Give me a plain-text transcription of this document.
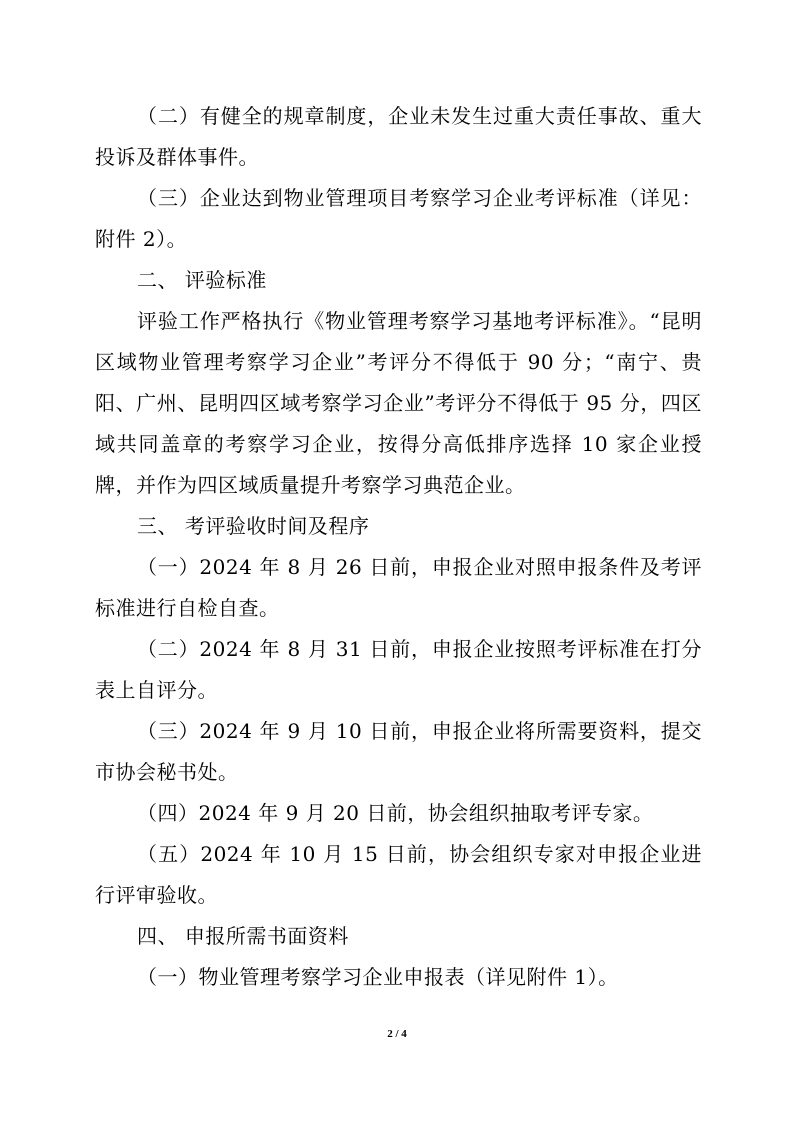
（二）有健全的规章制度，企业未发生过重大责任事故、重大投诉及群体事件。

（三）企业达到物业管理项目考察学习企业考评标准（详见：附件 2）。

二、 评验标准

评验工作严格执行《物业管理考察学习基地考评标准》。“昆明区域物业管理考察学习企业”考评分不得低于 90 分；“南宁、贵阳、广州、昆明四区域考察学习企业”考评分不得低于 95 分，四区域共同盖章的考察学习企业，按得分高低排序选择 10 家企业授牌，并作为四区域质量提升考察学习典范企业。

三、 考评验收时间及程序

（一）2024 年 8 月 26 日前，申报企业对照申报条件及考评标准进行自检自查。

（二）2024 年 8 月 31 日前，申报企业按照考评标准在打分表上自评分。

（三）2024 年 9 月 10 日前，申报企业将所需要资料，提交市协会秘书处。

（四）2024 年 9 月 20 日前，协会组织抽取考评专家。

（五）2024 年 10 月 15 日前，协会组织专家对申报企业进行评审验收。

四、 申报所需书面资料

（一）物业管理考察学习企业申报表（详见附件 1）。

2 / 4
